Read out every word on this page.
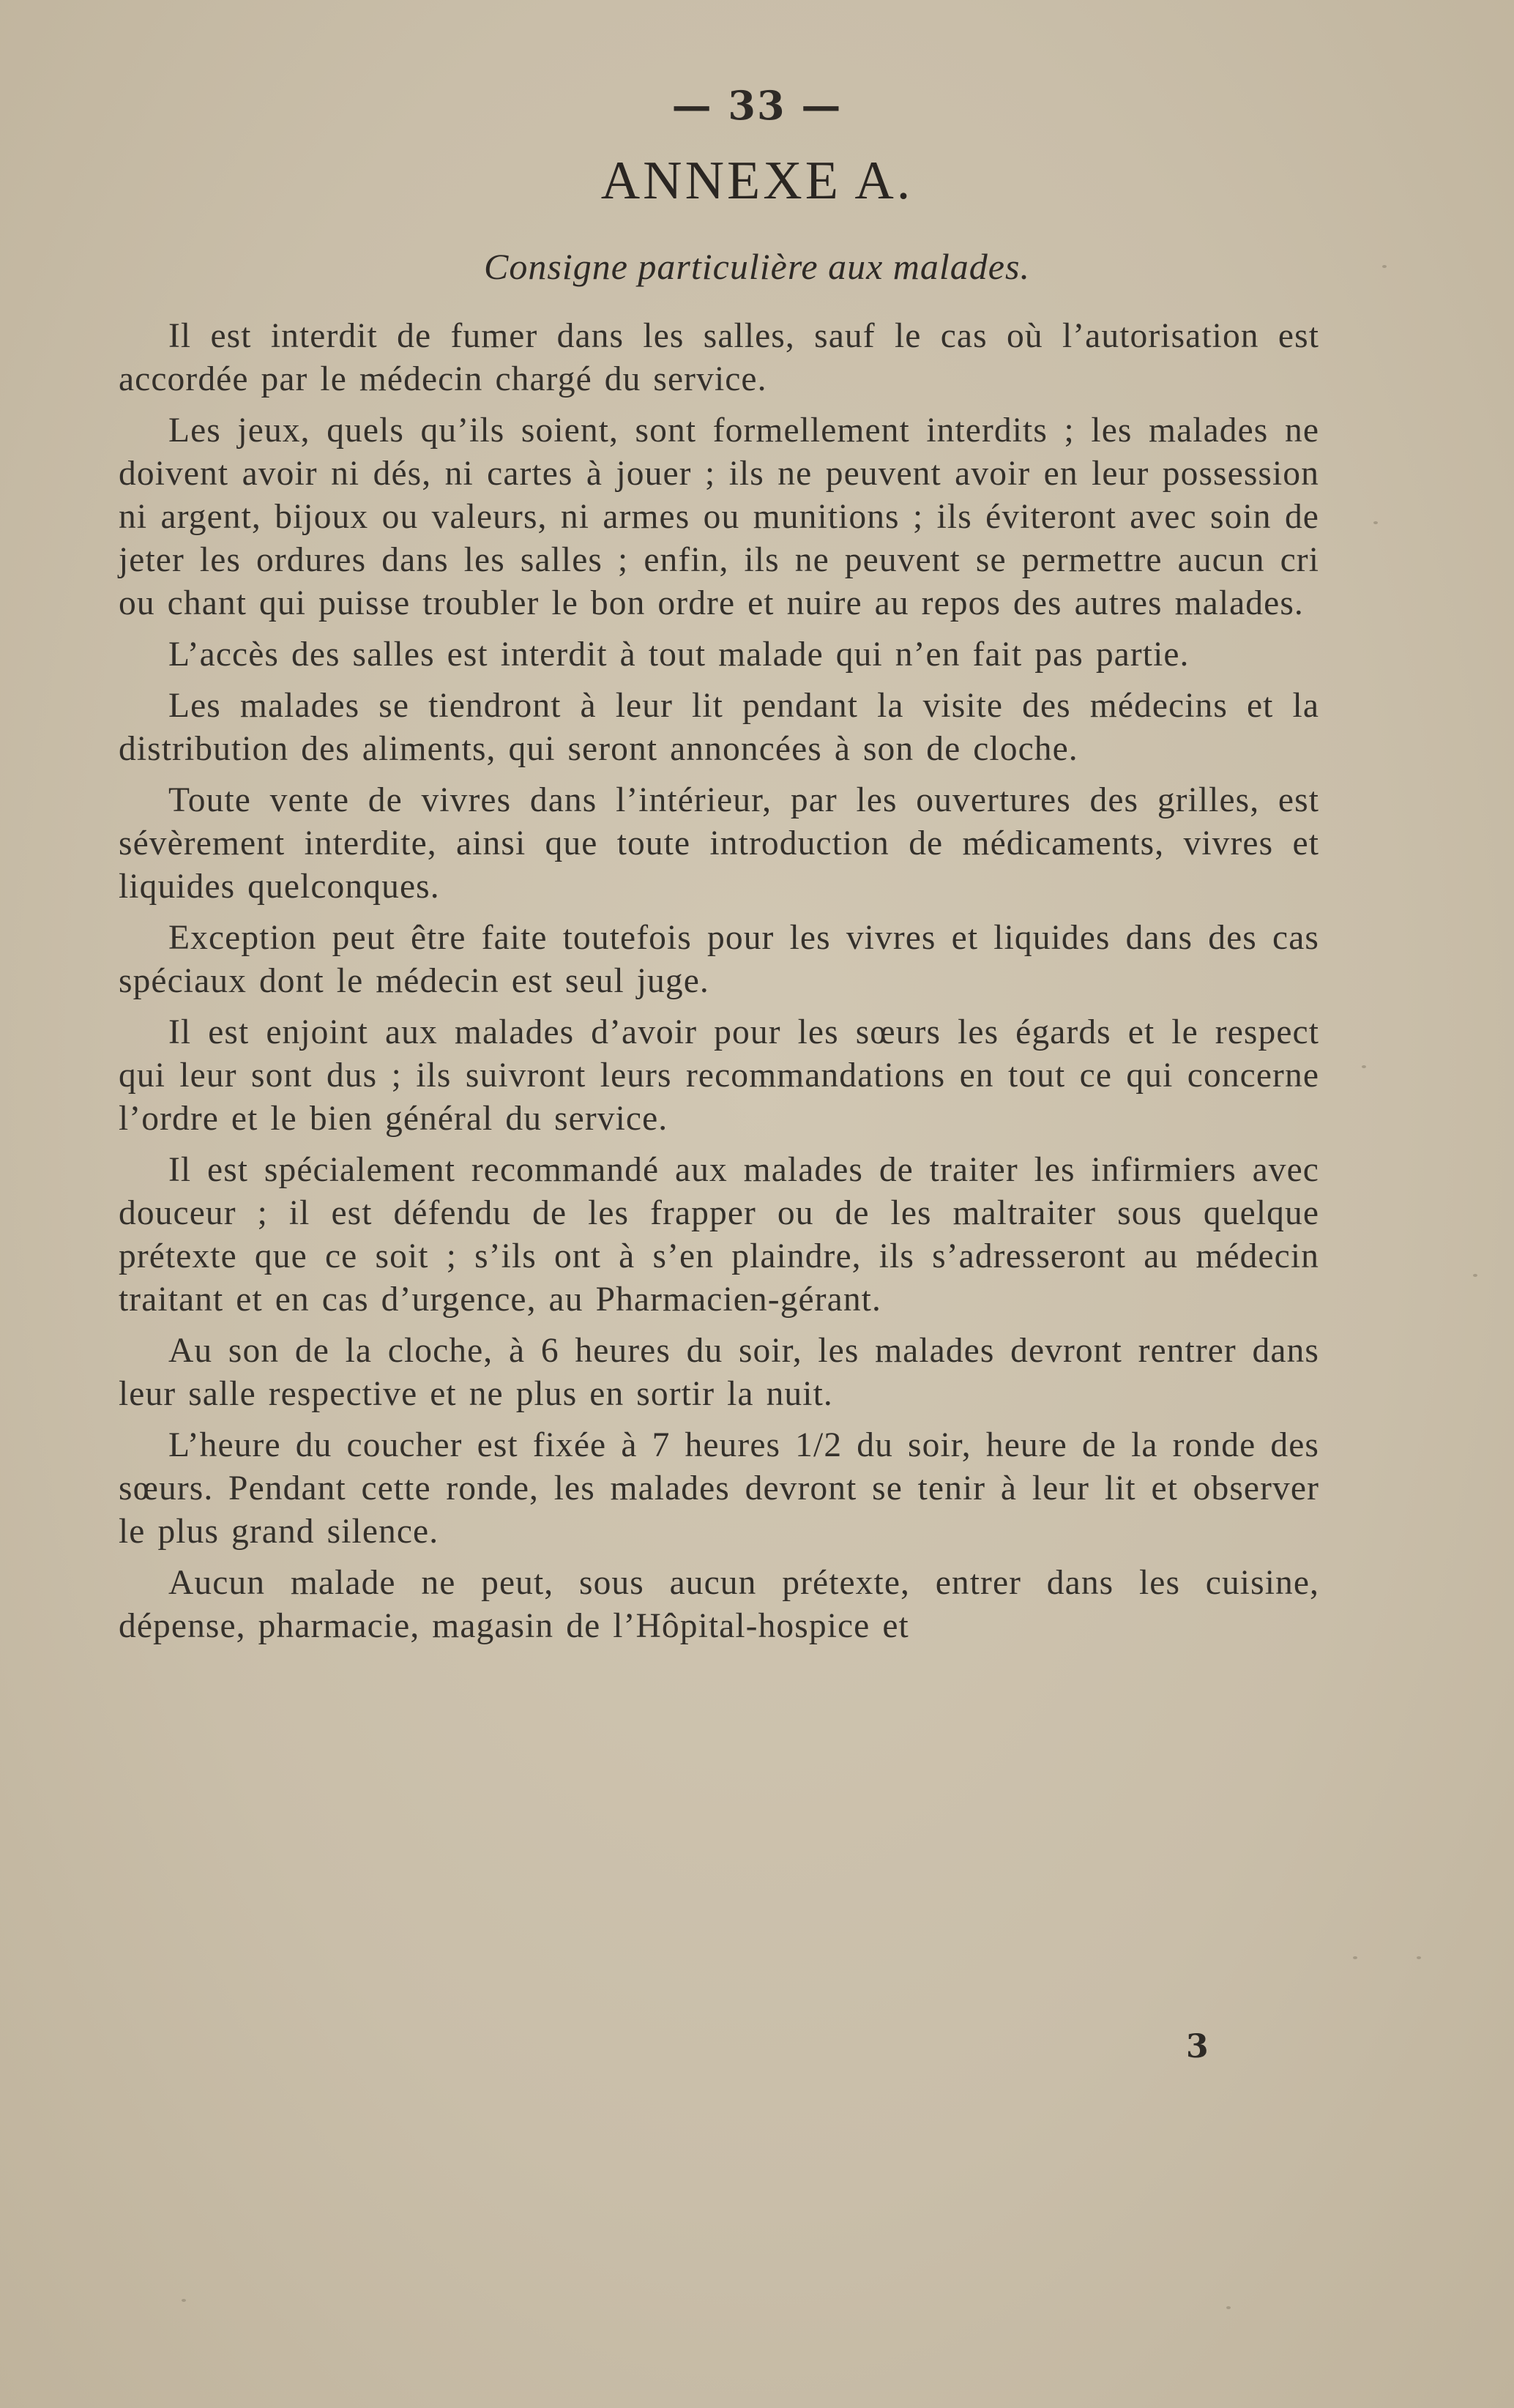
— 33 —
ANNEXE A.
Consigne particulière aux malades.

Il est interdit de fumer dans les salles, sauf le cas où l’autorisation est accordée par le médecin chargé du service.

Les jeux, quels qu’ils soient, sont formellement interdits ; les malades ne doivent avoir ni dés, ni cartes à jouer ; ils ne peuvent avoir en leur possession ni argent, bijoux ou valeurs, ni armes ou munitions ; ils éviteront avec soin de jeter les ordures dans les salles ; enfin, ils ne peuvent se permettre aucun cri ou chant qui puisse troubler le bon ordre et nuire au repos des autres malades.

L’accès des salles est interdit à tout malade qui n’en fait pas partie.

Les malades se tiendront à leur lit pendant la visite des médecins et la distribution des aliments, qui seront annoncées à son de cloche.

Toute vente de vivres dans l’intérieur, par les ouvertures des grilles, est sévèrement interdite, ainsi que toute introduction de médicaments, vivres et liquides quelconques.

Exception peut être faite toutefois pour les vivres et liquides dans des cas spéciaux dont le médecin est seul juge.

Il est enjoint aux malades d’avoir pour les sœurs les égards et le respect qui leur sont dus ; ils suivront leurs recommandations en tout ce qui concerne l’ordre et le bien général du service.

Il est spécialement recommandé aux malades de traiter les infirmiers avec douceur ; il est défendu de les frapper ou de les maltraiter sous quelque prétexte que ce soit ; s’ils ont à s’en plaindre, ils s’adresseront au médecin traitant et en cas d’urgence, au Pharmacien-gérant.

Au son de la cloche, à 6 heures du soir, les malades devront rentrer dans leur salle respective et ne plus en sortir la nuit.

L’heure du coucher est fixée à 7 heures 1/2 du soir, heure de la ronde des sœurs. Pendant cette ronde, les malades devront se tenir à leur lit et observer le plus grand silence.

Aucun malade ne peut, sous aucun prétexte, entrer dans les cuisine, dépense, pharmacie, magasin de l’Hôpital-hospice et

3
